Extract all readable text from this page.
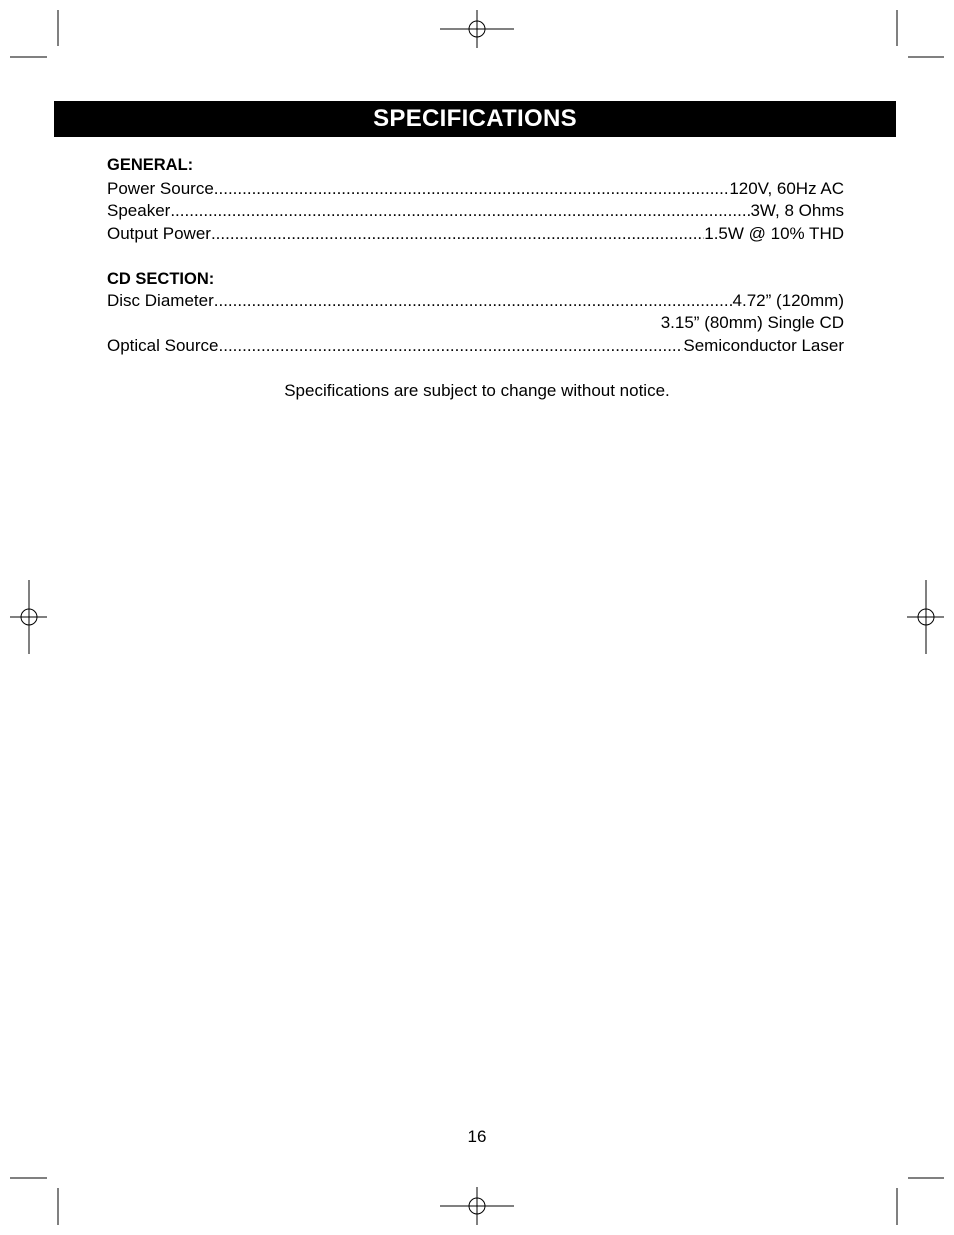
SPECIFICATIONS
GENERAL:
Power Source .....	120V, 60Hz AC
Speaker .....	3W, 8 Ohms
Output Power .....	1.5W @ 10% THD
CD SECTION:
Disc Diameter .....	4.72” (120mm)
3.15” (80mm) Single CD
Optical Source .....	Semiconductor Laser
Specifications are subject to change without notice.
16
